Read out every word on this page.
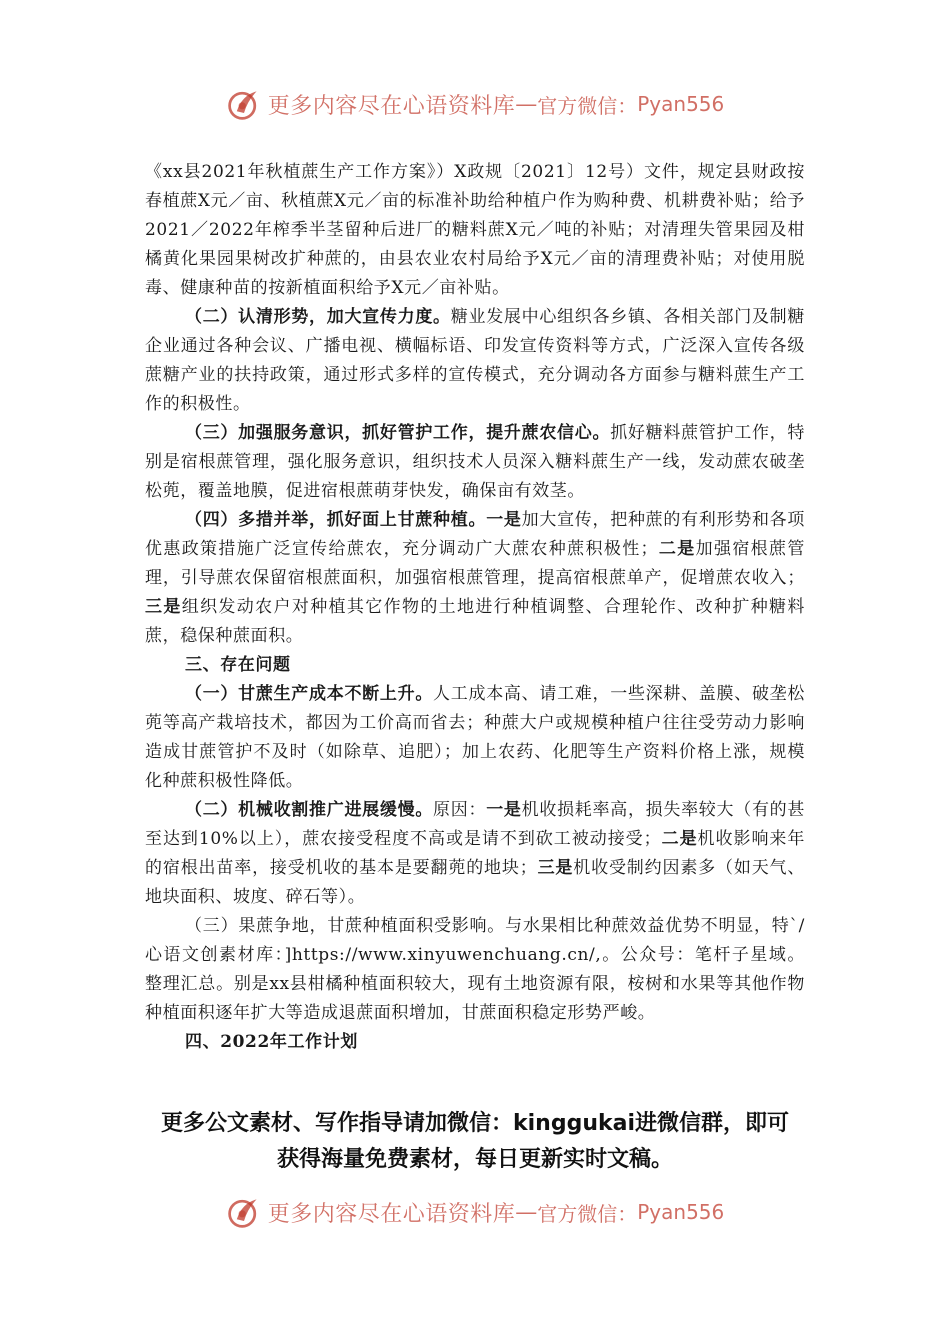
更多内容尽在心语资料库 — 官方微信： Pyan556

《xx县2021年秋植蔗生产工作方案》）X政规〔2021〕12号）文件，规定县财政按春植蔗X元／亩、秋植蔗X元／亩的标准补助给种植户作为购种费、机耕费补贴；给予2021／2022年榨季半茎留种后进厂的糖料蔗X元／吨的补贴；对清理失管果园及柑橘黄化果园果树改扩种蔗的，由县农业农村局给予X元／亩的清理费补贴；对使用脱毒、健康种苗的按新植面积给予X元／亩补贴。

（二）认清形势，加大宣传力度。糖业发展中心组织各乡镇、各相关部门及制糖企业通过各种会议、广播电视、横幅标语、印发宣传资料等方式，广泛深入宣传各级蔗糖产业的扶持政策，通过形式多样的宣传模式，充分调动各方面参与糖料蔗生产工作的积极性。

（三）加强服务意识，抓好管护工作，提升蔗农信心。抓好糖料蔗管护工作，特别是宿根蔗管理，强化服务意识，组织技术人员深入糖料蔗生产一线，发动蔗农破垄松蔸，覆盖地膜，促进宿根蔗萌芽快发，确保亩有效茎。

（四）多措并举，抓好面上甘蔗种植。一是加大宣传，把种蔗的有利形势和各项优惠政策措施广泛宣传给蔗农，充分调动广大蔗农种蔗积极性；二是加强宿根蔗管理，引导蔗农保留宿根蔗面积，加强宿根蔗管理，提高宿根蔗单产，促增蔗农收入；三是组织发动农户对种植其它作物的土地进行种植调整、合理轮作、改种扩种糖料蔗，稳保种蔗面积。

三、存在问题

（一）甘蔗生产成本不断上升。人工成本高、请工难，一些深耕、盖膜、破垄松蔸等高产栽培技术，都因为工价高而省去；种蔗大户或规模种植户往往受劳动力影响造成甘蔗管护不及时（如除草、追肥）；加上农药、化肥等生产资料价格上涨，规模化种蔗积极性降低。

（二）机械收割推广进展缓慢。原因：一是机收损耗率高，损失率较大（有的甚至达到10%以上），蔗农接受程度不高或是请不到砍工被动接受；二是机收影响来年的宿根出苗率，接受机收的基本是要翻蔸的地块；三是机收受制约因素多（如天气、地块面积、坡度、碎石等）。

（三）果蔗争地，甘蔗种植面积受影响。与水果相比种蔗效益优势不明显，特`/心语文创素材库：]https://www.xinyuwenchuang.cn/,。公众号：笔杆子星域。整理汇总。别是xx县柑橘种植面积较大，现有土地资源有限，桉树和水果等其他作物种植面积逐年扩大等造成退蔗面积增加，甘蔗面积稳定形势严峻。

四、2022年工作计划

更多公文素材、写作指导请加微信：kinggukai进微信群，即可
获得海量免费素材，每日更新实时文稿。
更多内容尽在心语资料库 — 官方微信： Pyan556
